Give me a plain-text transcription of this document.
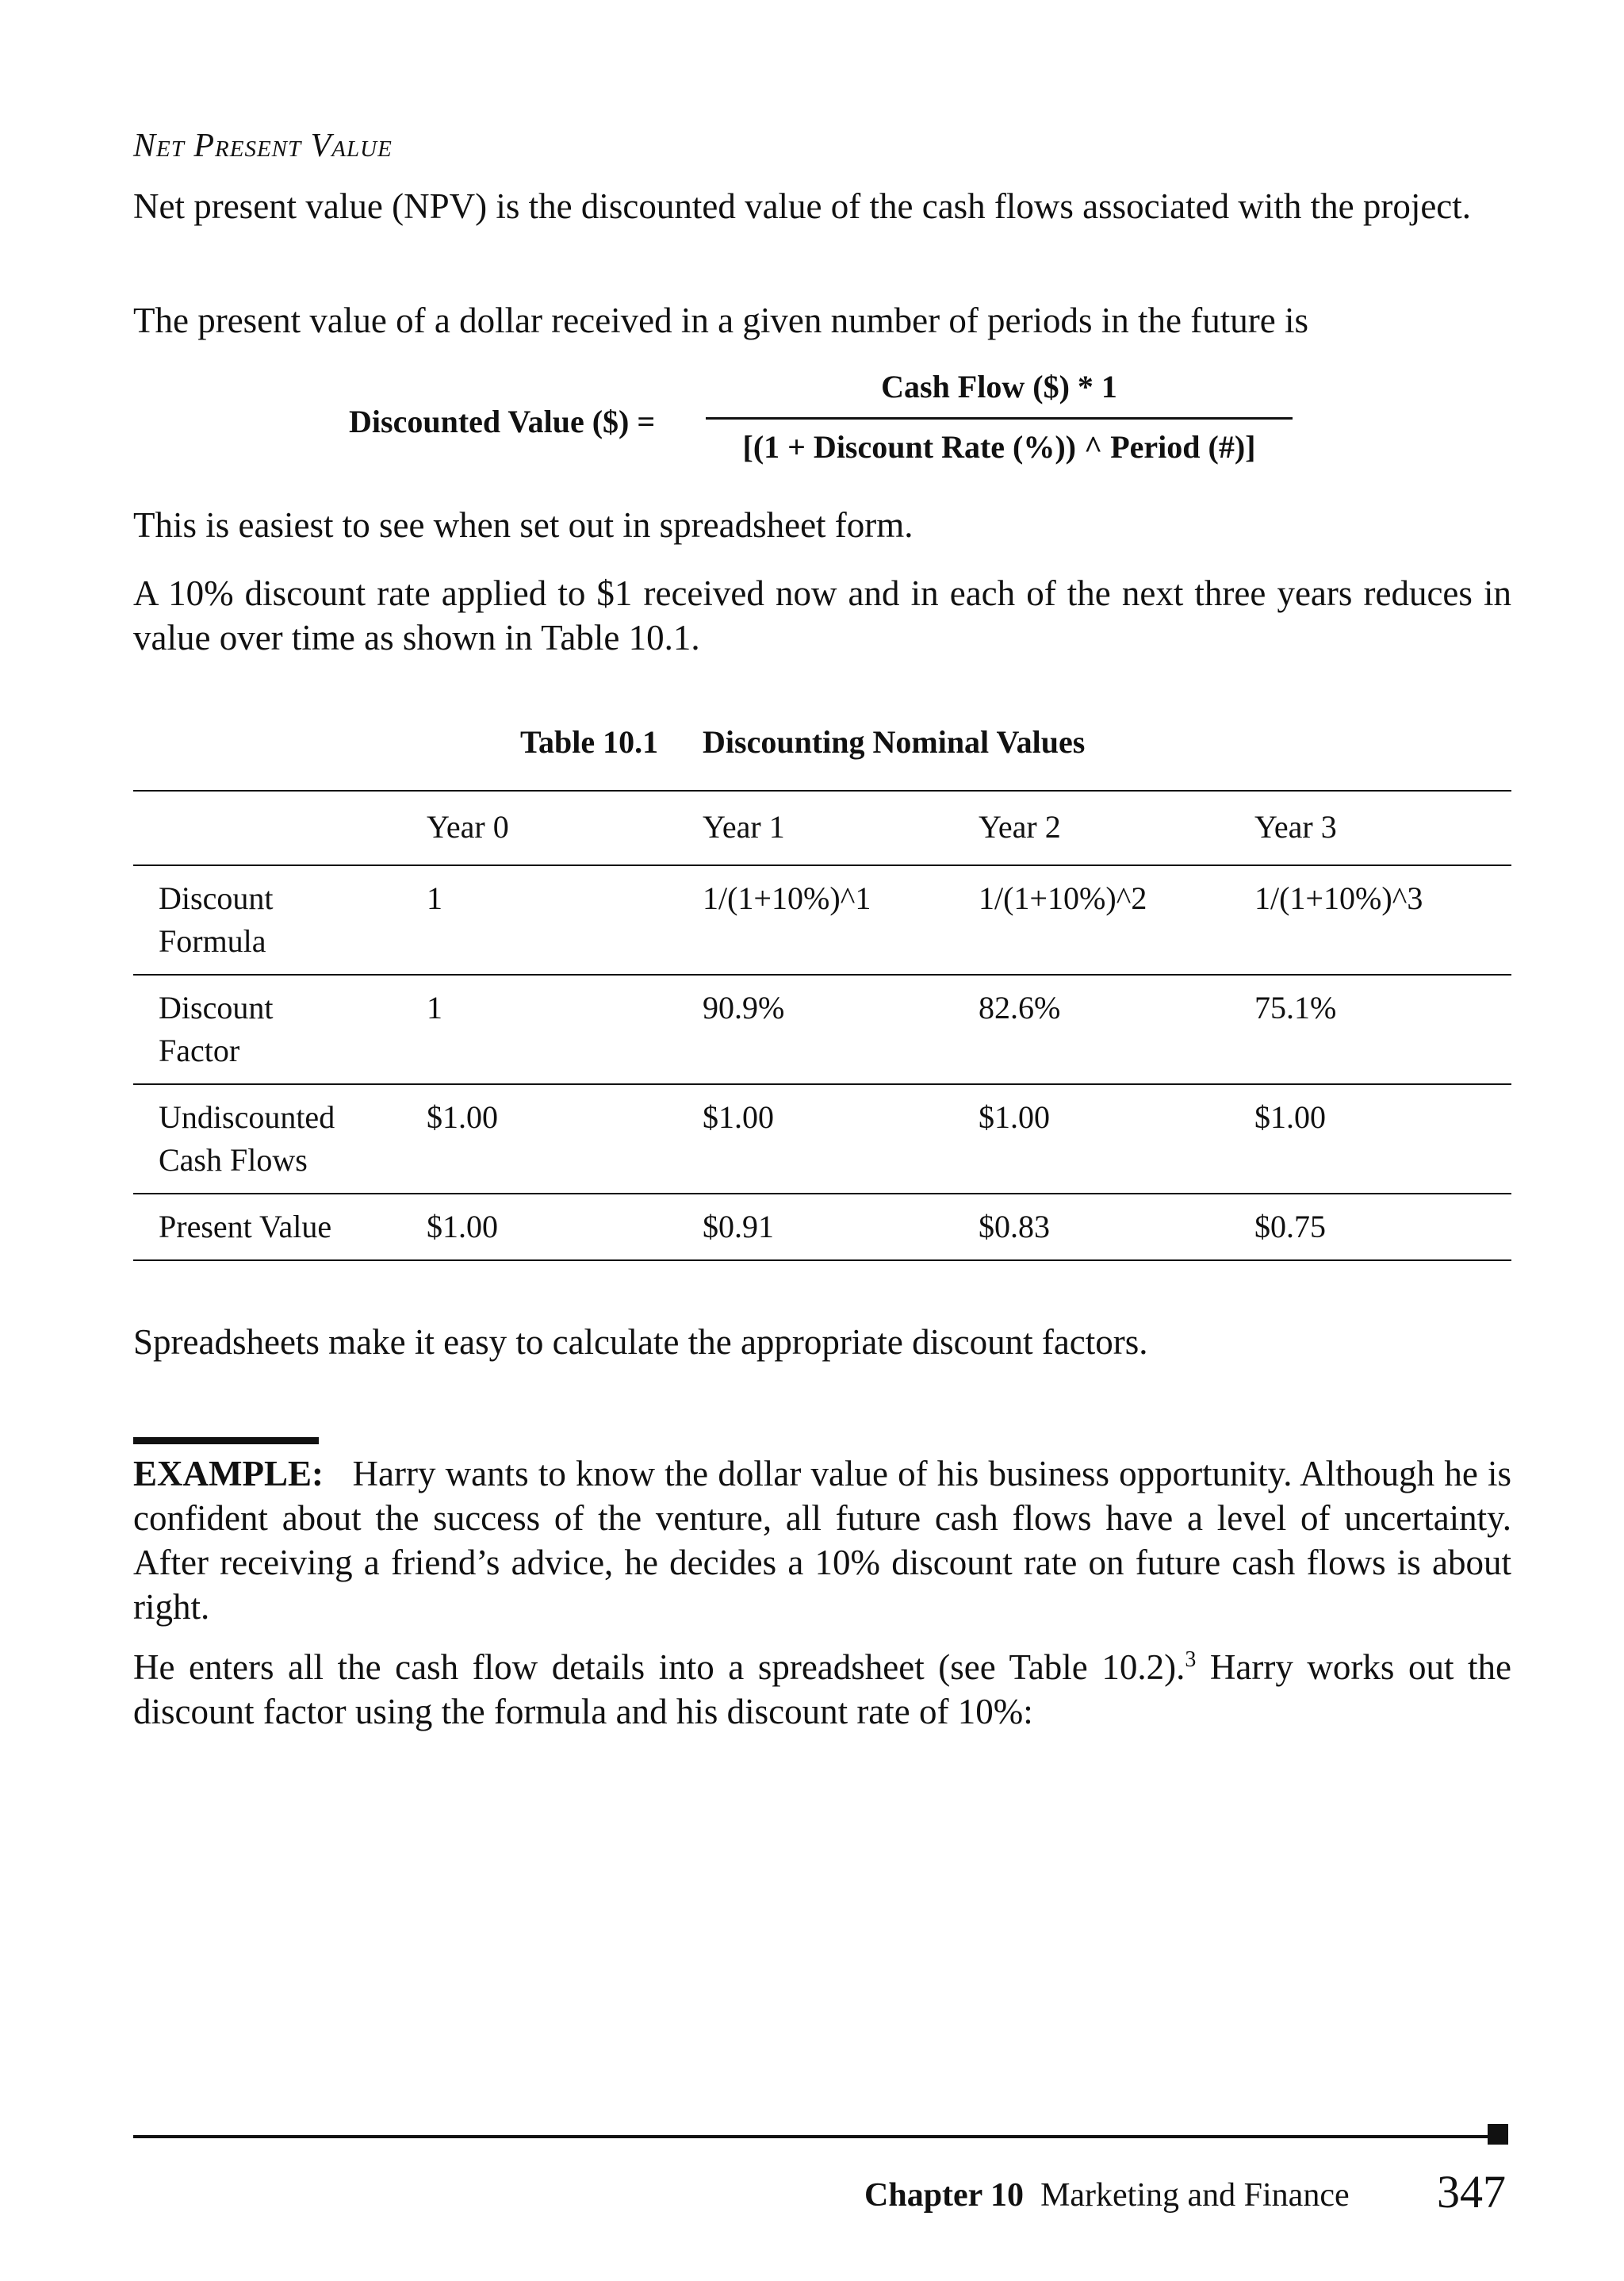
Net Present Value
Net present value (NPV) is the discounted value of the cash flows associated with the project.
The present value of a dollar received in a given number of periods in the future is
Discounted Value ($) =
Cash Flow ($) * 1
[(1 + Discount Rate (%)) ^ Period (#)]
This is easiest to see when set out in spreadsheet form.
A 10% discount rate applied to $1 received now and in each of the next three years reduces in value over time as shown in Table 10.1.
Table 10.1 Discounting Nominal Values
	Year 0	Year 1	Year 2	Year 3
Discount
Formula	1	1/(1+10%)^1	1/(1+10%)^2	1/(1+10%)^3
Discount
Factor	1	90.9%	82.6%	75.1%
Undiscounted
Cash Flows	$1.00	$1.00	$1.00	$1.00
Present Value	$1.00	$0.91	$0.83	$0.75
Spreadsheets make it easy to calculate the appropriate discount factors.
EXAMPLE: Harry wants to know the dollar value of his business opportunity. Although he is confident about the success of the venture, all future cash flows have a level of uncertainty. After receiving a friend’s advice, he decides a 10% discount rate on future cash flows is about right.
He enters all the cash flow details into a spreadsheet (see Table 10.2).$^3$ Harry works out the discount factor using the formula and his discount rate of 10%:
Chapter 10 Marketing and Finance 347
